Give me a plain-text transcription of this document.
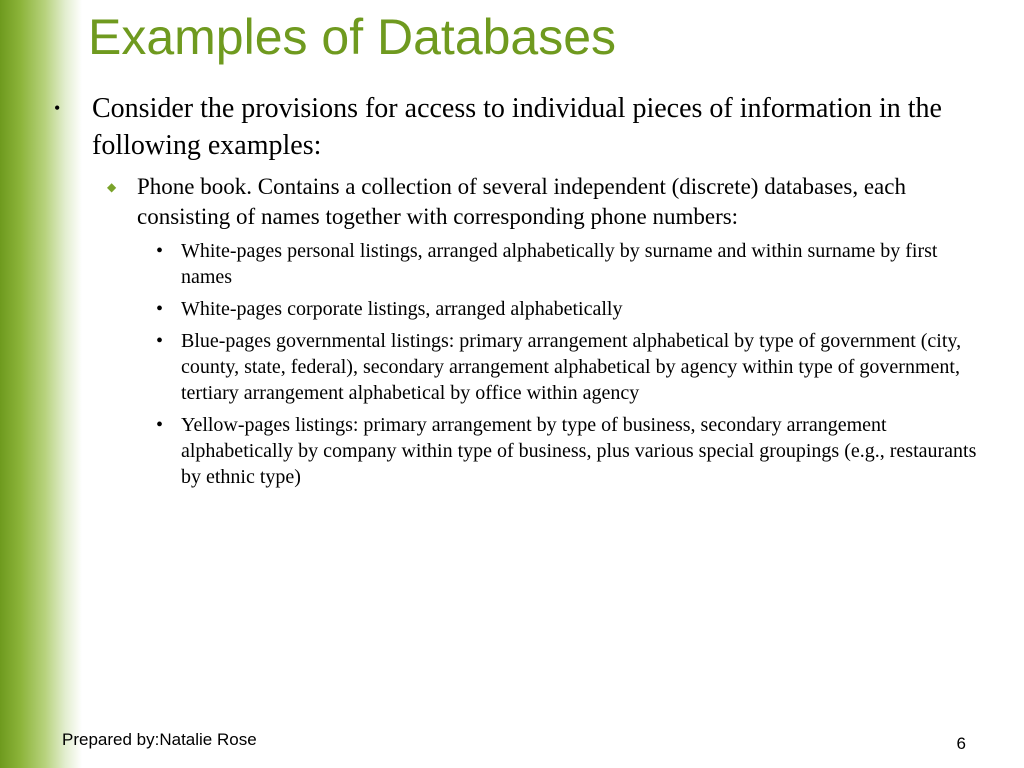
Examples of Databases
• Consider the provisions for access to individual pieces of information in the following examples:
◆ Phone book. Contains a collection of several independent (discrete) databases, each consisting of names together with corresponding phone numbers:
• White-pages personal listings, arranged alphabetically by surname and within surname by first names
• White-pages corporate listings, arranged alphabetically
• Blue-pages governmental listings: primary arrangement alphabetical by type of government (city, county, state, federal), secondary arrangement alphabetical by agency within type of government, tertiary arrangement alphabetical by office within agency
• Yellow-pages listings: primary arrangement by type of business, secondary arrangement alphabetically by company within type of business, plus various special groupings (e.g., restaurants by ethnic type)
Prepared by:Natalie Rose	6
